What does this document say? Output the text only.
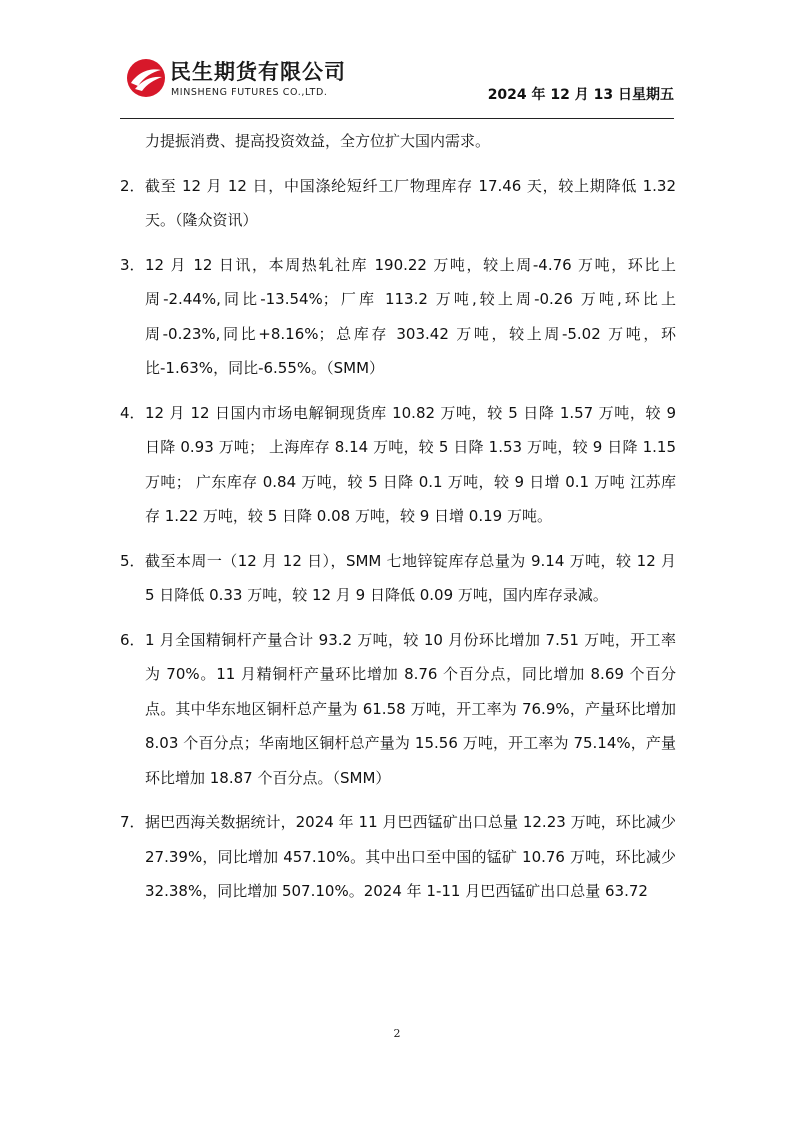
民生期货有限公司
MINSHENG FUTURES CO.,LTD.	2024 年 12 月 13 日星期五
力提振消费、提高投资效益，全方位扩大国内需求。
2． 截至 12 月 12 日，中国涤纶短纤工厂物理库存 17.46 天，较上期降低 1.32 天。（隆众资讯）
3． 12 月 12 日讯，本周热轧社库 190.22 万吨，较上周-4.76 万吨，环比上周-2.44%,同比-13.54%；厂库 113.2 万吨,较上周-0.26 万吨,环比上周-0.23%,同比+8.16%；总库存 303.42 万吨，较上周-5.02 万吨，环比-1.63%，同比-6.55%。（SMM）
4． 12 月 12 日国内市场电解铜现货库 10.82 万吨，较 5 日降 1.57 万吨，较 9 日降 0.93 万吨； 上海库存 8.14 万吨，较 5 日降 1.53 万吨，较 9 日降 1.15 万吨； 广东库存 0.84 万吨，较 5 日降 0.1 万吨，较 9 日增 0.1 万吨 江苏库存 1.22 万吨，较 5 日降 0.08 万吨，较 9 日增 0.19 万吨。
5． 截至本周一（12 月 12 日），SMM 七地锌锭库存总量为 9.14 万吨，较 12 月 5 日降低 0.33 万吨，较 12 月 9 日降低 0.09 万吨，国内库存录减。
6． 1 月全国精铜杆产量合计 93.2 万吨，较 10 月份环比增加 7.51 万吨，开工率为 70%。11 月精铜杆产量环比增加 8.76 个百分点，同比增加 8.69 个百分点。其中华东地区铜杆总产量为 61.58 万吨，开工率为 76.9%，产量环比增加 8.03 个百分点；华南地区铜杆总产量为 15.56 万吨，开工率为 75.14%，产量环比增加 18.87 个百分点。（SMM）
7． 据巴西海关数据统计，2024 年 11 月巴西锰矿出口总量 12.23 万吨，环比减少 27.39%，同比增加 457.10%。其中出口至中国的锰矿 10.76 万吨，环比减少 32.38%，同比增加 507.10%。2024 年 1-11 月巴西锰矿出口总量 63.72
2
